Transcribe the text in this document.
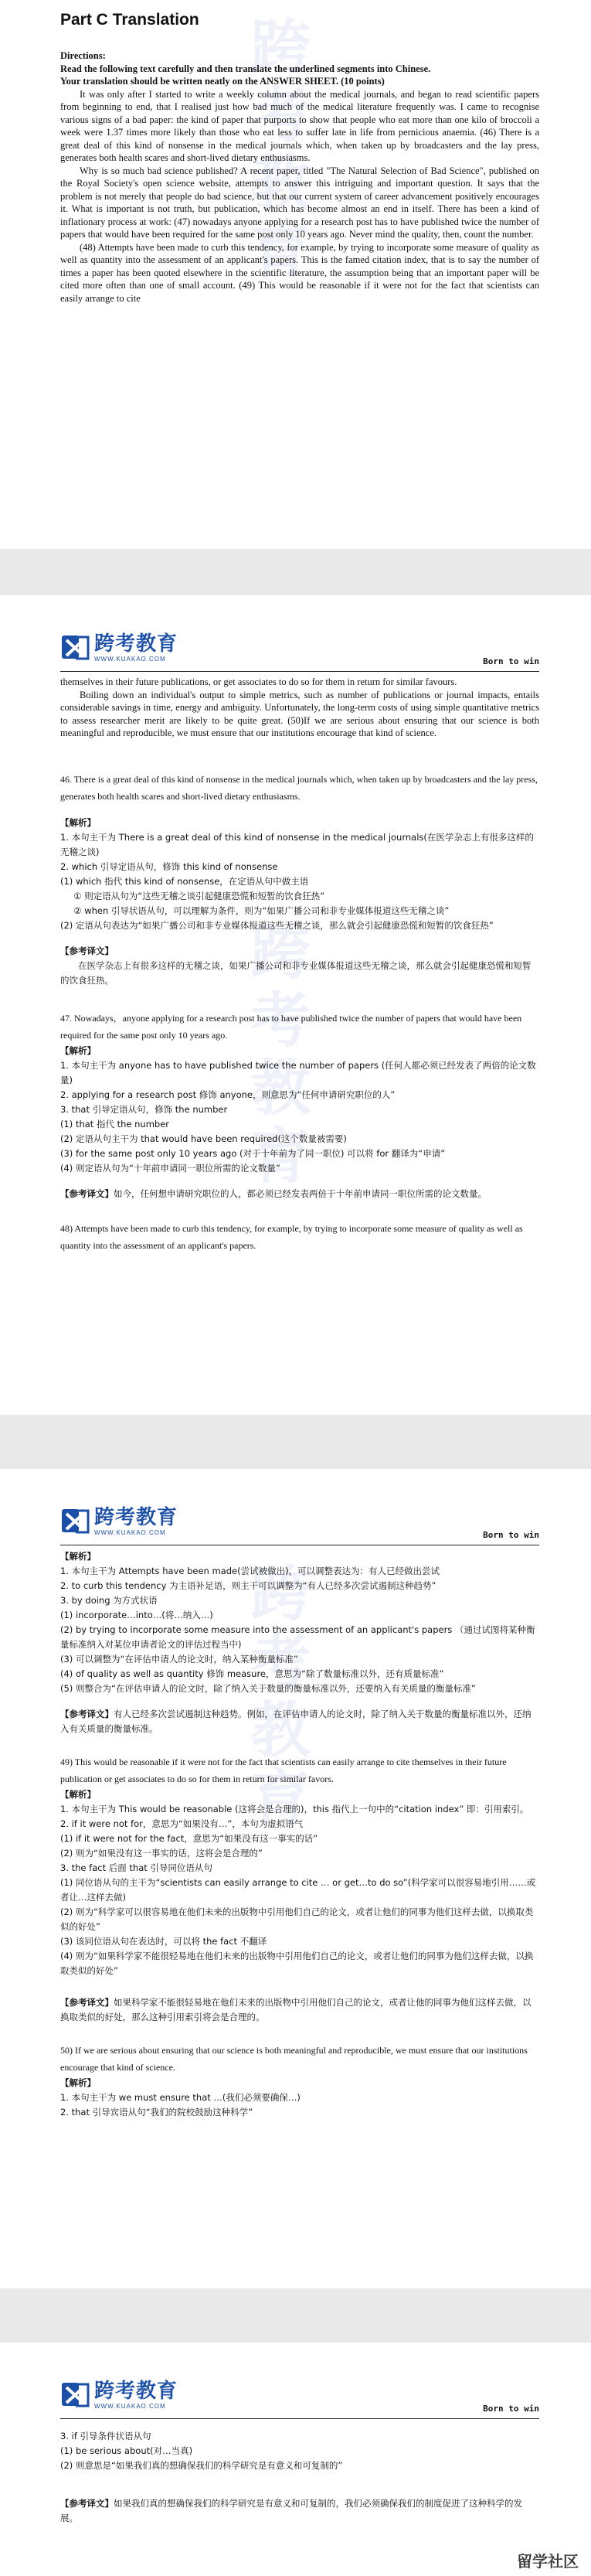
跨考教育

Part C Translation

Directions:

Read the following text carefully and then translate the underlined segments into Chinese.

Your translation should be written neatly on the ANSWER SHEET. (10 points)

It was only after I started to write a weekly column about the medical journals, and began to read scientific papers from beginning to end, that I realised just how bad much of the medical literature frequently was. I came to recognise various signs of a bad paper: the kind of paper that purports to show that people who eat more than one kilo of broccoli a week were 1.37 times more likely than those who eat less to suffer late in life from pernicious anaemia. (46) There is a great deal of this kind of nonsense in the medical journals which, when taken up by broadcasters and the lay press, generates both health scares and short-lived dietary enthusiasms.

Why is so much bad science published? A recent paper, titled "The Natural Selection of Bad Science", published on the Royal Society's open science website, attempts to answer this intriguing and important question. It says that the problem is not merely that people do bad science, but that our current system of career advancement positively encourages it. What is important is not truth, but publication, which has become almost an end in itself. There has been a kind of inflationary process at work: (47) nowadays anyone applying for a research post has to have published twice the number of papers that would have been required for the same post only 10 years ago. Never mind the quality, then, count the number.

(48) Attempts have been made to curb this tendency, for example, by trying to incorporate some measure of quality as well as quantity into the assessment of an applicant's papers. This is the famed citation index, that is to say the number of times a paper has been quoted elsewhere in the scientific literature, the assumption being that an important paper will be cited more often than one of small account. (49) This would be reasonable if it were not for the fact that scientists can easily arrange to cite

跨考教育
跨考教育
WWW.KUAKAO.COM	Born to win

themselves in their future publications, or get associates to do so for them in return for similar favours.

Boiling down an individual's output to simple metrics, such as number of publications or journal impacts, entails considerable savings in time, energy and ambiguity. Unfortunately, the long-term costs of using simple quantitative metrics to assess researcher merit are likely to be quite great. (50)If we are serious about ensuring that our science is both meaningful and reproducible, we must ensure that our institutions encourage that kind of science.

46. There is a great deal of this kind of nonsense in the medical journals which, when taken up by broadcasters and the lay press, generates both health scares and short-lived dietary enthusiasms.

【解析】

1. 本句主干为 There is a great deal of this kind of nonsense in the medical journals(在医学杂志上有很多这样的无稽之谈)

2. which 引导定语从句，修饰 this kind of nonsense

(1) which 指代 this kind of nonsense，在定语从句中做主语

① 则定语从句为“这些无稽之谈引起健康恐慌和短暂的饮食狂热”

② when 引导状语从句，可以理解为条件，则为“如果广播公司和非专业媒体报道这些无稽之谈”

(2) 定语从句表达为“如果广播公司和非专业媒体报道这些无稽之谈，那么就会引起健康恐慌和短暂的饮食狂热”

【参考译文】

在医学杂志上有很多这样的无稽之谈，如果广播公司和非专业媒体报道这些无稽之谈，那么就会引起健康恐慌和短暂的饮食狂热。

47. Nowadays，anyone applying for a research post has to have published twice the number of papers that would have been required for the same post only 10 years ago.

【解析】

1. 本句主干为 anyone has to have published twice the number of papers (任何人都必须已经发表了两倍的论文数量)

2. applying for a research post 修饰 anyone，则意思为“任何申请研究职位的人”

3. that 引导定语从句，修饰 the number

(1) that 指代 the number

(2) 定语从句主干为 that would have been required(这个数量被需要)

(3) for the same post only 10 years ago (对于十年前为了同一职位) 可以将 for 翻译为“申请”

(4) 则定语从句为“十年前申请同一职位所需的论文数量”

【参考译文】如今，任何想申请研究职位的人，都必须已经发表两倍于十年前申请同一职位所需的论文数量。

48) Attempts have been made to curb this tendency, for example, by trying to incorporate some measure of quality as well as quantity into the assessment of an applicant's papers.

跨考教育
跨考教育
WWW.KUAKAO.COM	Born to win

【解析】

1. 本句主干为 Attempts have been made(尝试被做出)，可以调整表达为：有人已经做出尝试

2. to curb this tendency 为主语补足语，则主干可以调整为“有人已经多次尝试遏制这种趋势”

3. by doing 为方式状语

(1) incorporate…into…(将…纳入…)

(2) by trying to incorporate some measure into the assessment of an applicant's papers （通过试图将某种衡量标准纳入对某位申请者论文的评估过程当中)

(3) 可以调整为“在评估申请人的论文时，纳入某种衡量标准”

(4) of quality as well as quantity 修饰 measure，意思为“除了数量标准以外，还有质量标准”

(5) 则整合为“在评估申请人的论文时，除了纳入关于数量的衡量标准以外，还要纳入有关质量的衡量标准”

【参考译文】有人已经多次尝试遏制这种趋势。例如，在评估申请人的论文时，除了纳入关于数量的衡量标准以外，还纳入有关质量的衡量标准。

49) This would be reasonable if it were not for the fact that scientists can easily arrange to cite themselves in their future publication or get associates to do so for them in return for similar favors.

【解析】

1. 本句主干为 This would be reasonable (这将会是合理的)，this 指代上一句中的“citation index” 即：引用索引。

2. if it were not for，意思为“如果没有…”，本句为虚拟语气

(1) if it were not for the fact，意思为“如果没有这一事实的话”

(2) 则为“如果没有这一事实的话，这将会是合理的”

3. the fact 后面 that 引导同位语从句

(1) 同位语从句的主干为“scientists can easily arrange to cite … or get…to do so”(科学家可以很容易地引用……或者让…这样去做)

(2) 则为“科学家可以很容易地在他们未来的出版物中引用他们自己的论文，或者让他们的同事为他们这样去做，以换取类似的好处”

(3) 该同位语从句在表达时，可以将 the fact 不翻译

(4) 则为“如果科学家不能很轻易地在他们未来的出版物中引用他们自己的论文，或者让他们的同事为他们这样去做，以换取类似的好处”

【参考译文】如果科学家不能很轻易地在他们未来的出版物中引用他们自己的论文，或者让他的同事为他们这样去做，以换取类似的好处，那么这种引用索引将会是合理的。

50) If we are serious about ensuring that our science is both meaningful and reproducible, we must ensure that our institutions encourage that kind of science.

【解析】

1. 本句主干为 we must ensure that …(我们必须要确保…)

2. that 引导宾语从句“我们的院校鼓励这种科学”

跨考教育
WWW.KUAKAO.COM	Born to win

3. if 引导条件状语从句

(1) be serious about(对…当真)

(2) 则意思是“如果我们真的想确保我们的科学研究是有意义和可复制的”

【参考译文】如果我们真的想确保我们的科学研究是有意义和可复制的，我们必须确保我们的制度促进了这种科学的发展。

留学社区
